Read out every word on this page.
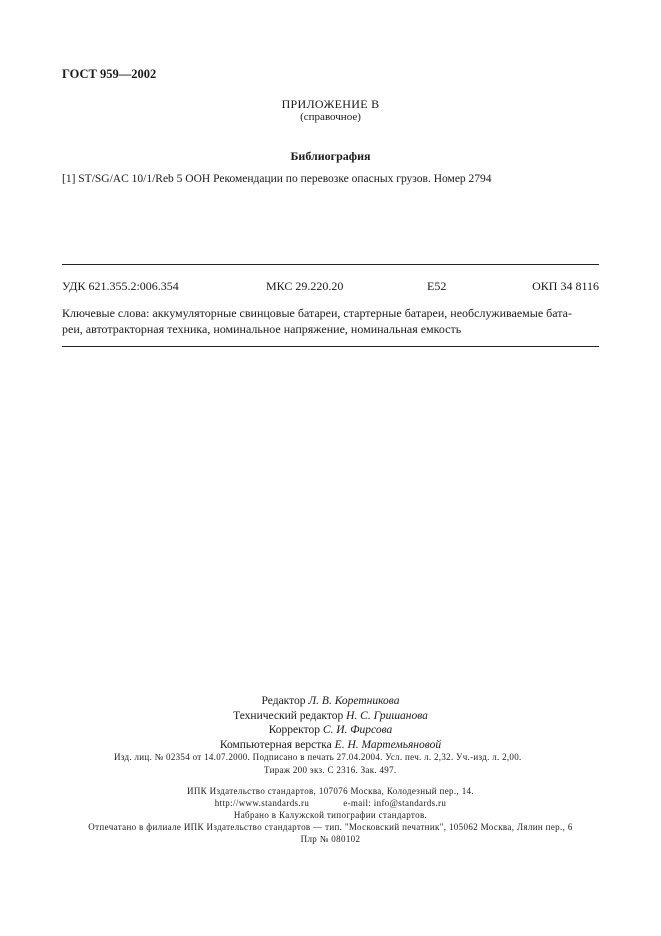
ГОСТ 959—2002
ПРИЛОЖЕНИЕ В
(справочное)
Библиография
[1] ST/SG/AC 10/1/Reb 5 ООН Рекомендации по перевозке опасных грузов. Номер 2794
УДК 621.355.2:006.354	МКС 29.220.20	Е52	ОКП 34 8116
Ключевые слова: аккумуляторные свинцовые батареи, стартерные батареи, необслуживаемые бата-
реи, автотракторная техника, номинальное напряжение, номинальная емкость
Редактор Л. В. Коретникова
Технический редактор Н. С. Гришанова
Корректор С. И. Фирсова
Компьютерная верстка Е. Н. Мартемьяновой
Изд. лиц. № 02354 от 14.07.2000. Подписано в печать 27.04.2004. Усл. печ. л. 2,32. Уч.-изд. л. 2,00.
Тираж 200 экз. С 2316. Зак. 497.
ИПК Издательство стандартов, 107076 Москва, Колодезный пер., 14.
http://www.standards.ru	e-mail: info@standards.ru
Набрано в Калужской типографии стандартов.
Отпечатано в филиале ИПК Издательство стандартов — тип. "Московский печатник", 105062 Москва, Лялин пер., 6
Плр № 080102
